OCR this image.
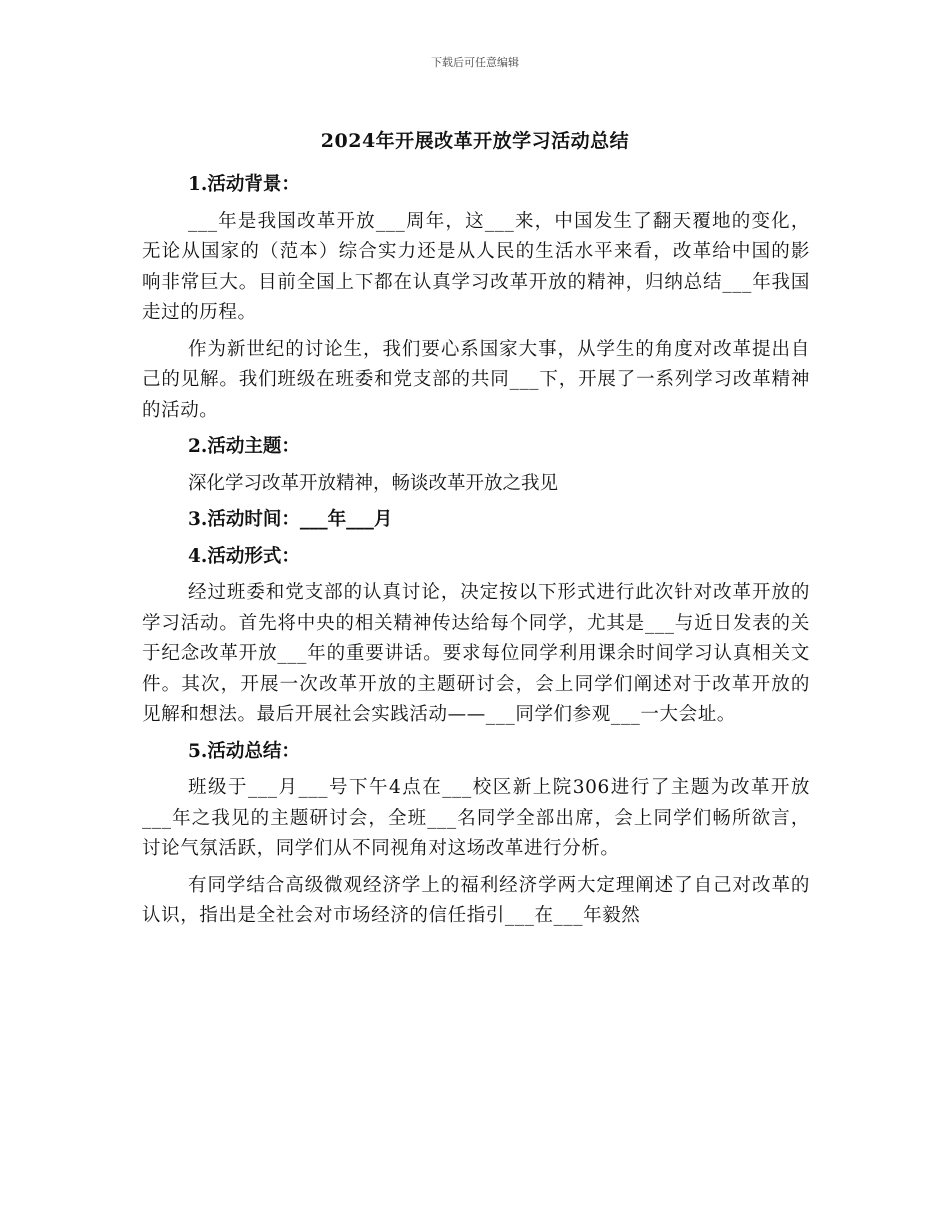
下载后可任意编辑
2024年开展改革开放学习活动总结

1.活动背景：

___年是我国改革开放___周年，这___来，中国发生了翻天覆地的变化，无论从国家的（范本）综合实力还是从人民的生活水平来看，改革给中国的影响非常巨大。目前全国上下都在认真学习改革开放的精神，归纳总结___年我国走过的历程。

作为新世纪的讨论生，我们要心系国家大事，从学生的角度对改革提出自己的见解。我们班级在班委和党支部的共同___下，开展了一系列学习改革精神的活动。

2.活动主题：

深化学习改革开放精神，畅谈改革开放之我见

3.活动时间：___年___月

4.活动形式：

经过班委和党支部的认真讨论，决定按以下形式进行此次针对改革开放的学习活动。首先将中央的相关精神传达给每个同学，尤其是___与近日发表的关于纪念改革开放___年的重要讲话。要求每位同学利用课余时间学习认真相关文件。其次，开展一次改革开放的主题研讨会，会上同学们阐述对于改革开放的见解和想法。最后开展社会实践活动——___同学们参观___一大会址。

5.活动总结：

班级于___月___号下午4点在___校区新上院306进行了主题为改革开放___年之我见的主题研讨会，全班___名同学全部出席，会上同学们畅所欲言，讨论气氛活跃，同学们从不同视角对这场改革进行分析。

有同学结合高级微观经济学上的福利经济学两大定理阐述了自己对改革的认识，指出是全社会对市场经济的信任指引___在___年毅然
